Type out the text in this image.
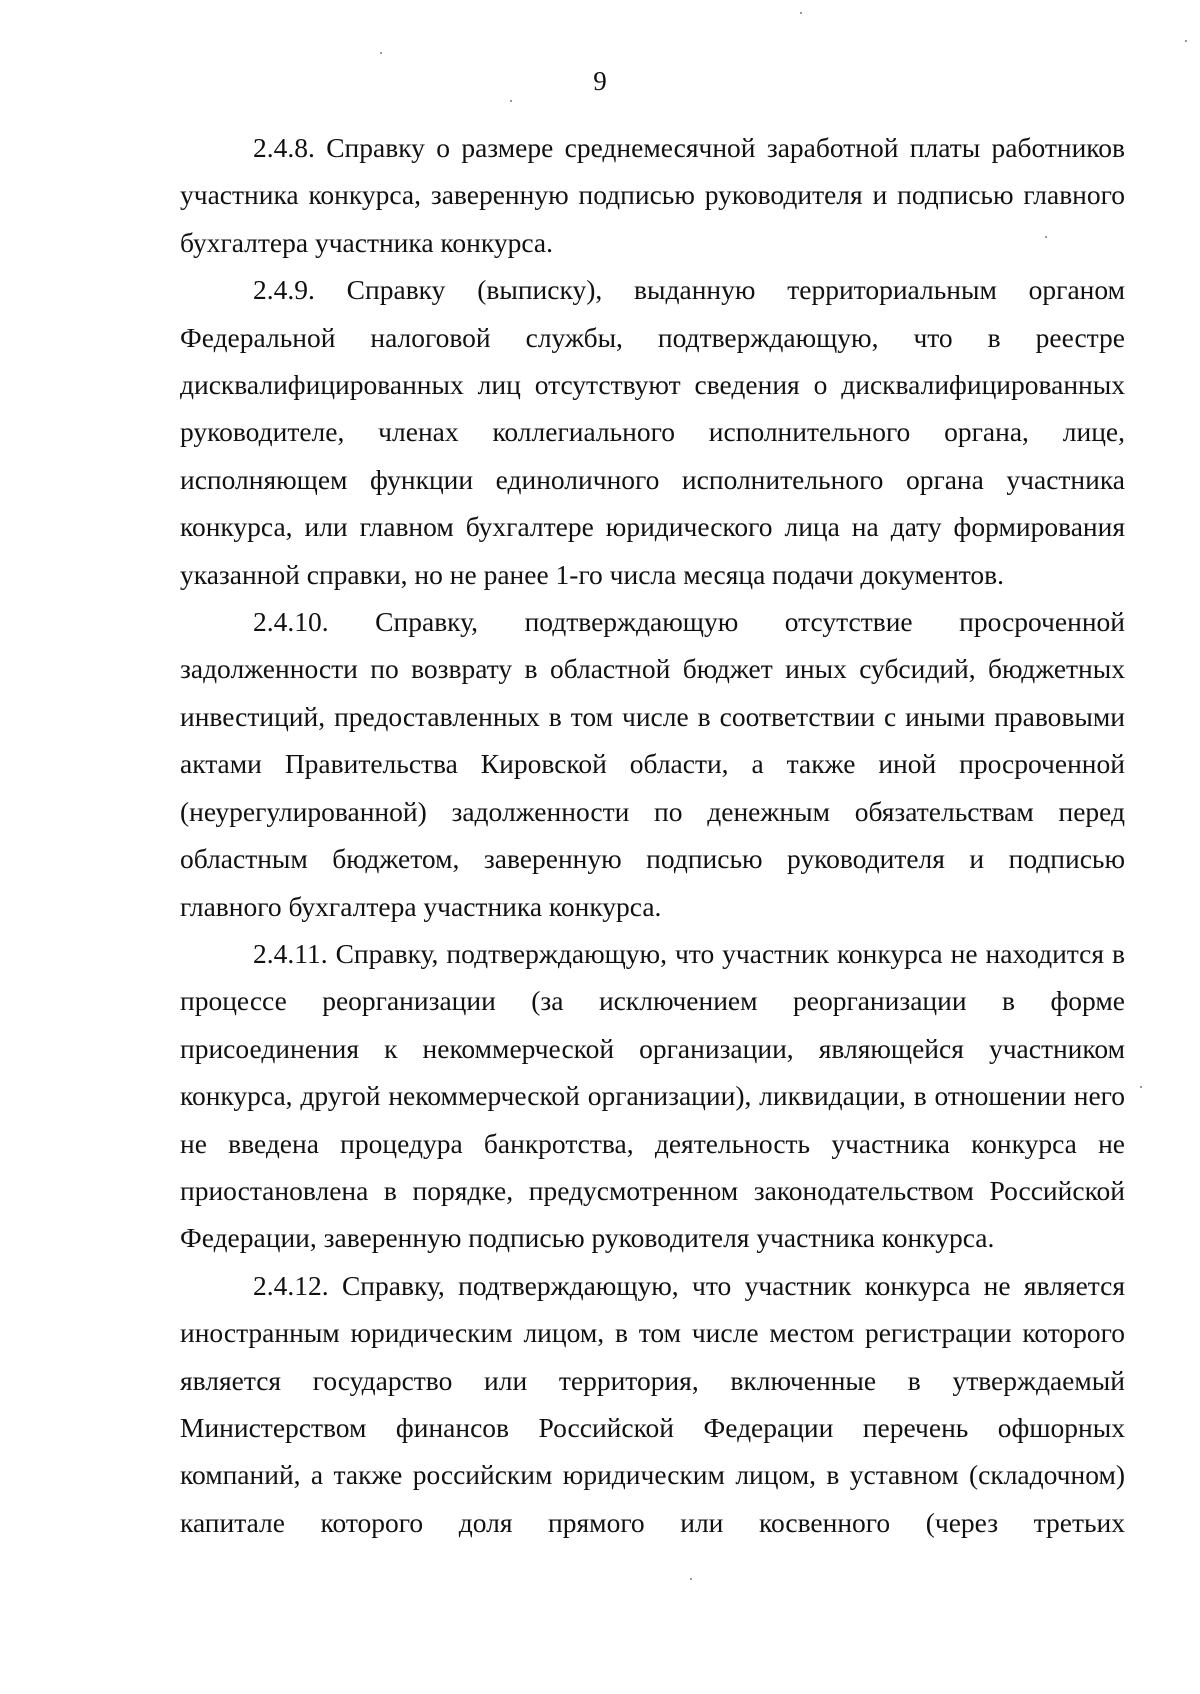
9

2.4.8. Справку о размере среднемесячной заработной платы работников участника конкурса, заверенную подписью руководителя и подписью главного бухгалтера участника конкурса.

2.4.9. Справку (выписку), выданную территориальным органом Федеральной налоговой службы, подтверждающую, что в реестре дисквалифицированных лиц отсутствуют сведения о дисквалифицированных руководителе, членах коллегиального исполнительного органа, лице, исполняющем функции единоличного исполнительного органа участника конкурса, или главном бухгалтере юридического лица на дату формирования указанной справки, но не ранее 1-го числа месяца подачи документов.

2.4.10. Справку, подтверждающую отсутствие просроченной задолженности по возврату в областной бюджет иных субсидий, бюджетных инвестиций, предоставленных в том числе в соответствии с иными правовыми актами Правительства Кировской области, а также иной просроченной (неурегулированной) задолженности по денежным обязательствам перед областным бюджетом, заверенную подписью руководителя и подписью главного бухгалтера участника конкурса.

2.4.11. Справку, подтверждающую, что участник конкурса не находится в процессе реорганизации (за исключением реорганизации в форме присоединения к некоммерческой организации, являющейся участником конкурса, другой некоммерческой организации), ликвидации, в отношении него не введена процедура банкротства, деятельность участника конкурса не приостановлена в порядке, предусмотренном законодательством Российской Федерации, заверенную подписью руководителя участника конкурса.

2.4.12. Справку, подтверждающую, что участник конкурса не является иностранным юридическим лицом, в том числе местом регистрации которого является государство или территория, включенные в утверждаемый Министерством финансов Российской Федерации перечень офшорных компаний, а также российским юридическим лицом, в уставном (складочном) капитале которого доля прямого или косвенного (через третьих
